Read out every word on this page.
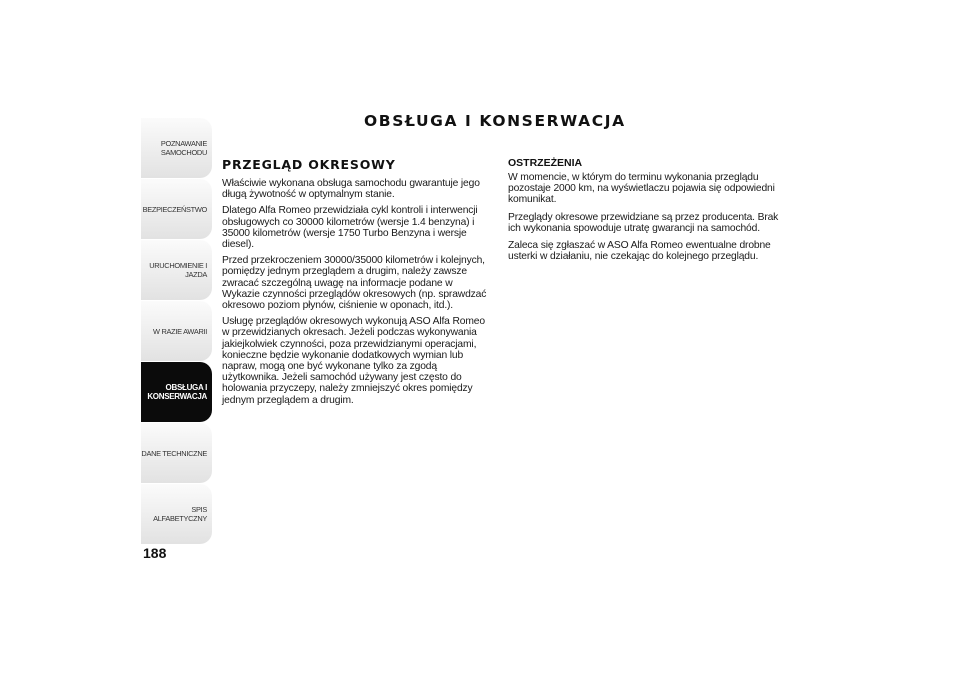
POZNAWANIE
SAMOCHODU
BEZPIECZEŃSTWO
URUCHOMIENIE I
JAZDA
W RAZIE AWARII
OBSŁUGA I
KONSERWACJA
DANE TECHNICZNE
SPIS ALFABETYCZNY
188
OBSŁUGA I KONSERWACJA
PRZEGLĄD OKRESOWY

Właściwie wykonana obsługa samochodu gwarantuje jego długą żywotność w optymalnym stanie.

Dlatego Alfa Romeo przewidziała cykl kontroli i interwencji obsługowych co 30000 kilometrów (wersje 1.4 benzyna) i 35000 kilometrów (wersje 1750 Turbo Benzyna i wersje diesel).

Przed przekroczeniem 30000/35000 kilometrów i kolejnych, pomiędzy jednym przeglądem a drugim, należy zawsze zwracać szczególną uwagę na informacje podane w Wykazie czynności przeglądów okresowych (np. sprawdzać okresowo poziom płynów, ciśnienie w oponach, itd.).

Usługę przeglądów okresowych wykonują ASO Alfa Romeo w przewidzianych okresach. Jeżeli podczas wykonywania jakiejkolwiek czynności, poza przewidzianymi operacjami, konieczne będzie wykonanie dodatkowych wymian lub napraw, mogą one być wykonane tylko za zgodą użytkownika. Jeżeli samochód używany jest często do holowania przyczepy, należy zmniejszyć okres pomiędzy jednym przeglądem a drugim.

OSTRZEŻENIA

W momencie, w którym do terminu wykonania przeglądu pozostaje 2000 km, na wyświetlaczu pojawia się odpowiedni komunikat.

Przeglądy okresowe przewidziane są przez producenta. Brak ich wykonania spowoduje utratę gwarancji na samochód.

Zaleca się zgłaszać w ASO Alfa Romeo ewentualne drobne usterki w działaniu, nie czekając do kolejnego przeglądu.
